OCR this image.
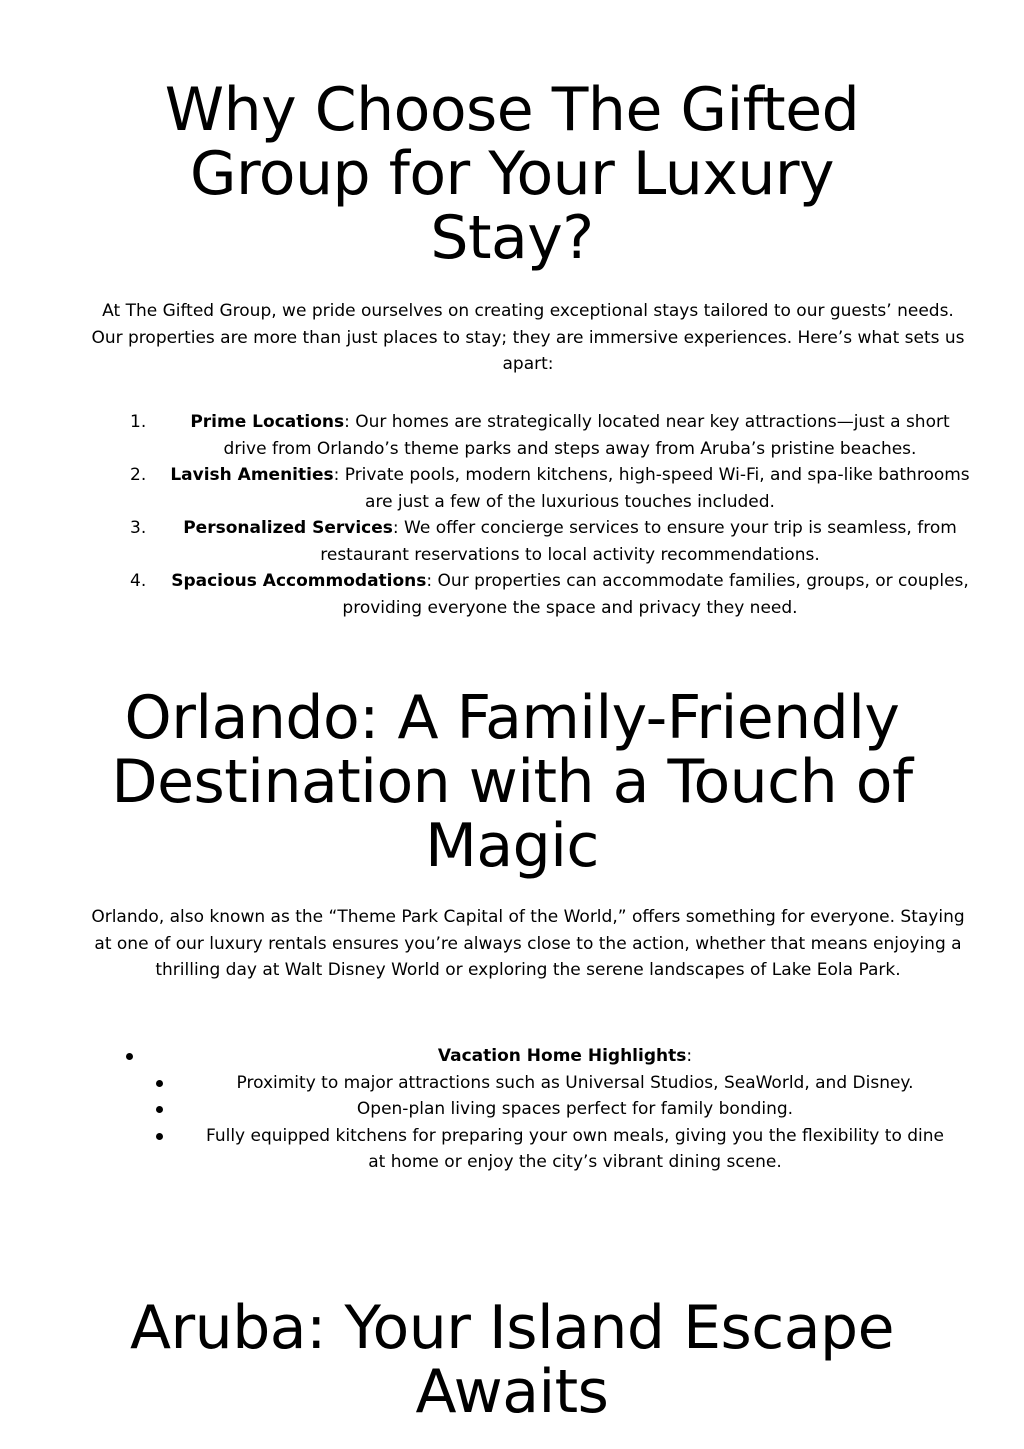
Why Choose The Gifted Group for Your Luxury Stay?

At The Gifted Group, we pride ourselves on creating exceptional stays tailored to our guests’ needs. Our properties are more than just places to stay; they are immersive experiences. Here’s what sets us apart:

1.	Prime Locations: Our homes are strategically located near key attractions—just a short drive from Orlando’s theme parks and steps away from Aruba’s pristine beaches.
2. Lavish Amenities: Private pools, modern kitchens, high-speed Wi-Fi, and spa-like bathrooms are just a few of the luxurious touches included.
3. Personalized Services: We offer concierge services to ensure your trip is seamless, from restaurant reservations to local activity recommendations.
4. Spacious Accommodations: Our properties can accommodate families, groups, or couples, providing everyone the space and privacy they need.
Orlando: A Family-Friendly Destination with a Touch of Magic

Orlando, also known as the “Theme Park Capital of the World,” offers something for everyone. Staying at one of our luxury rentals ensures you’re always close to the action, whether that means enjoying a thrilling day at Walt Disney World or exploring the serene landscapes of Lake Eola Park.

Vacation Home Highlights:
Proximity to major attractions such as Universal Studios, SeaWorld, and Disney.
Open-plan living spaces perfect for family bonding.
Fully equipped kitchens for preparing your own meals, giving you the flexibility to dine at home or enjoy the city’s vibrant dining scene.
Aruba: Your Island Escape Awaits
